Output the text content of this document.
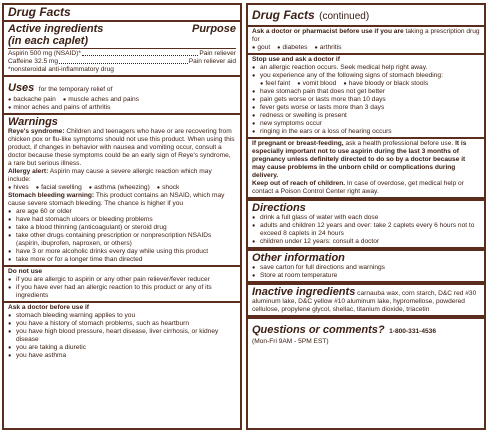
Drug Facts
Active ingredients	Purpose
(in each caplet)
Aspirin 500 mg (NSAID)*	Pain reliever
Caffeine 32.5 mg	Pain reliever aid
*nonsteroidal anti-inflammatory drug
Uses for the temporary relief of
● backache pain	● muscle aches and pains
● minor aches and pains of arthritis
Warnings
Reye's syndrome: Children and teenagers who have or are recovering from chicken pox or flu-like symptoms should not use this product. When using this product, if changes in behavior with nausea and vomiting occur, consult a doctor because these symptoms could be an early sign of Reye's syndrome, a rare but serious illness.
Allergy alert: Aspirin may cause a severe allergic reaction which may include:
● hives	● facial swelling	● asthma (wheezing)	● shock
Stomach bleeding warning: This product contains an NSAID, which may cause severe stomach bleeding. The chance is higher if you
● are age 60 or older
● have had stomach ulcers or bleeding problems
● take a blood thinning (anticoagulant) or steroid drug
● take other drugs containing prescription or nonprescription NSAIDs (aspirin, ibuprofen, naproxen, or others)
● have 3 or more alcoholic drinks every day while using this product
● take more or for a longer time than directed
Do not use
● if you are allergic to aspirin or any other pain reliever/fever reducer
● if you have ever had an allergic reaction to this product or any of its ingredients
Ask a doctor before use if
● stomach bleeding warning applies to you
● you have a history of stomach problems, such as heartburn
● you have high blood pressure, heart disease, liver cirrhosis, or kidney disease
● you are taking a diuretic
● you have asthma
Drug Facts (continued)
Ask a doctor or pharmacist before use if you are taking a prescription drug for
● gout	● diabetes	● arthritis
Stop use and ask a doctor if
● an allergic reaction occurs. Seek medical help right away.
● you experience any of the following signs of stomach bleeding:
● feel faint	● vomit blood	● have bloody or black stools
● have stomach pain that does not get better
● pain gets worse or lasts more than 10 days
● fever gets worse or lasts more than 3 days
● redness or swelling is present
● new symptoms occur
● ringing in the ears or a loss of hearing occurs
If pregnant or breast-feeding, ask a health professional before use. It is especially important not to use aspirin during the last 3 months of pregnancy unless definitely directed to do so by a doctor because it may cause problems in the unborn child or complications during delivery.
Keep out of reach of children. In case of overdose, get medical help or contact a Poison Control Center right away.
Directions
● drink a full glass of water with each dose
● adults and children 12 years and over: take 2 caplets every 6 hours not to exceed 8 caplets in 24 hours
● children under 12 years: consult a doctor
Other information
● save carton for full directions and warnings
● Store at room temperature
Inactive ingredients carnauba wax, corn starch, D&C red #30 aluminum lake, D&C yellow #10 aluminum lake, hypromellose, powdered cellulose, propylene glycol, shellac, titanium dioxide, triacetin
Questions or comments? 1-800-331-4536
(Mon-Fri 9AM - 5PM EST)
